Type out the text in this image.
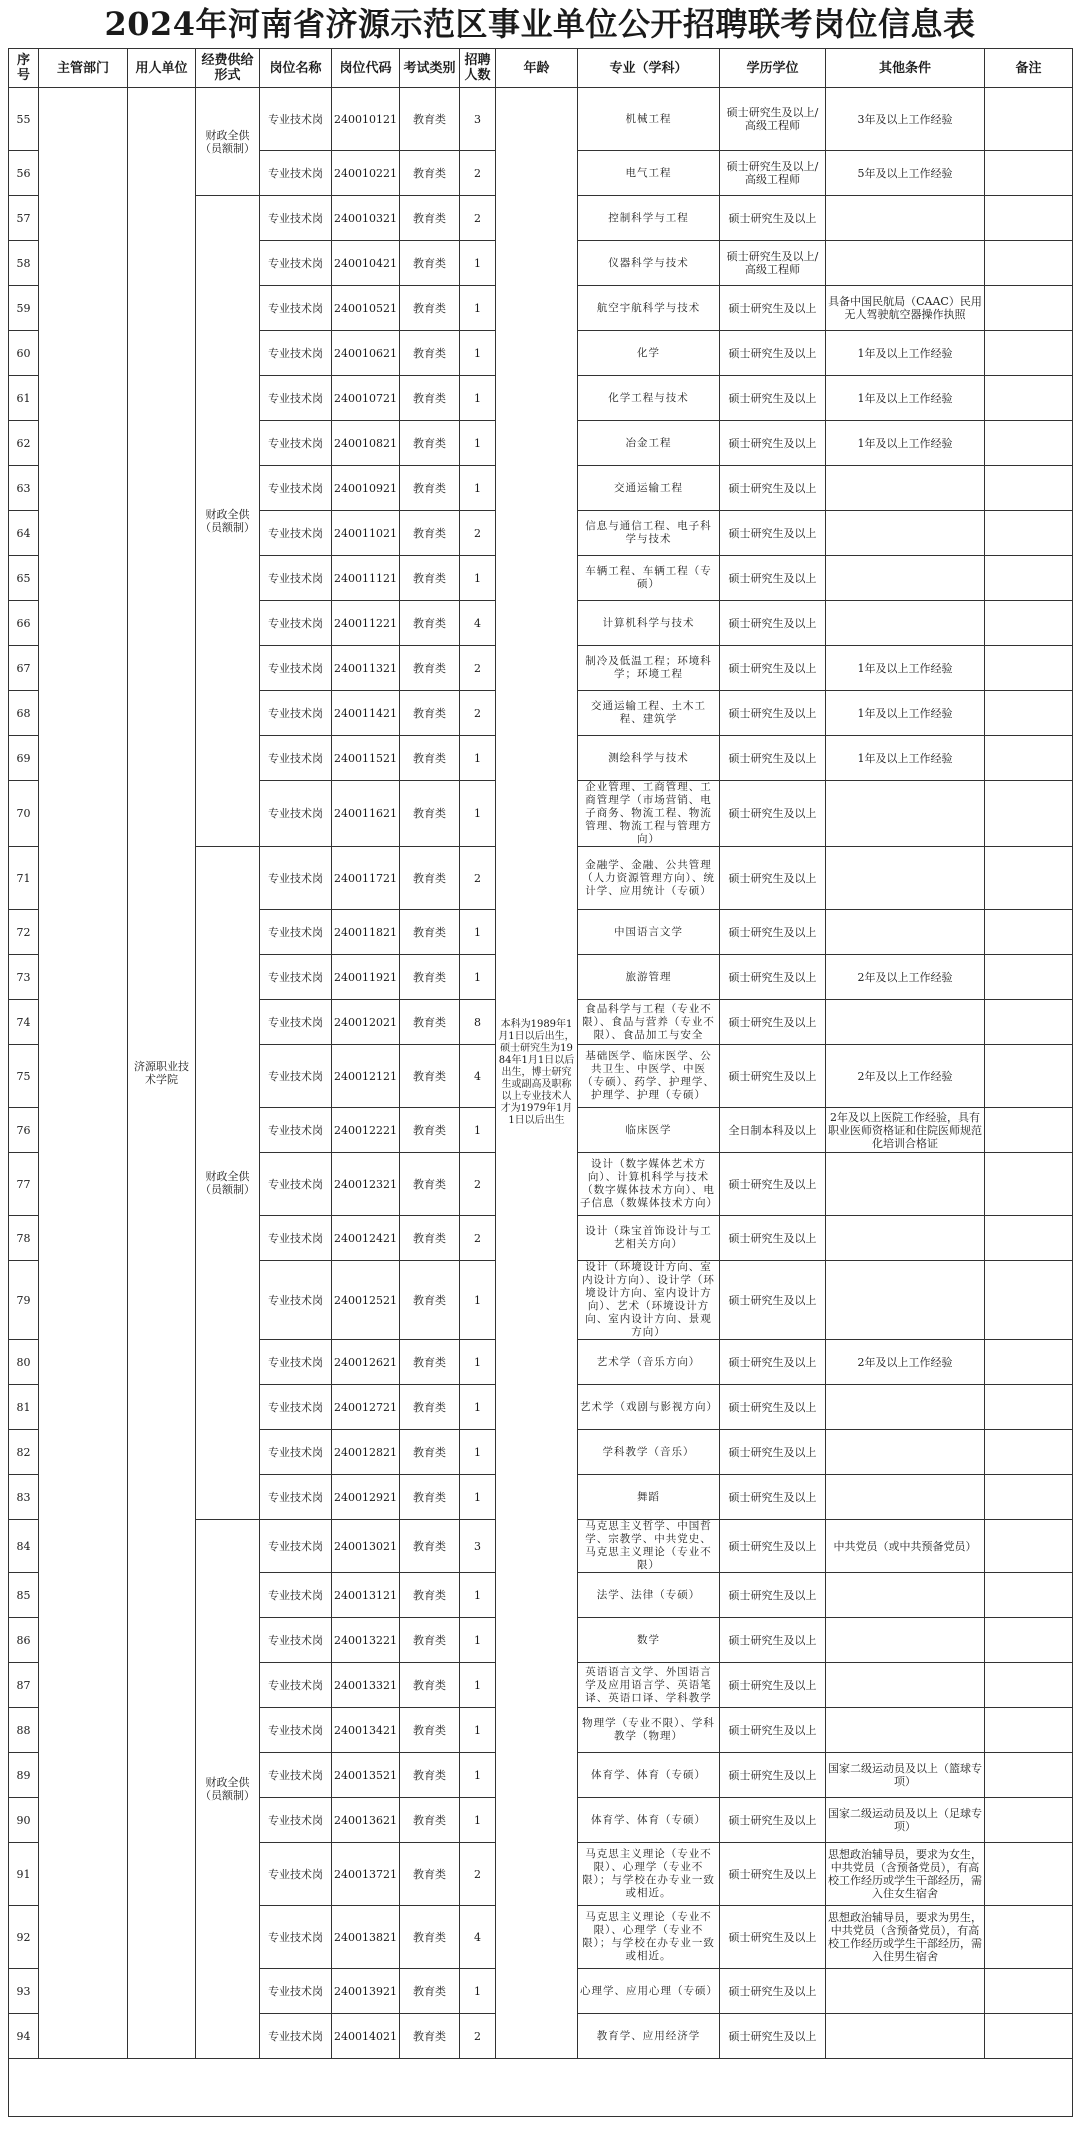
2024年河南省济源示范区事业单位公开招聘联考岗位信息表
序号	主管部门	用人单位	经费供给形式	岗位名称	岗位代码	考试类别	招聘人数	年龄	专业（学科）	学历学位	其他条件	备注
55		济源职业技术学院	财政全供（员额制）	专业技术岗	240010121	教育类	3	本科为1989年1月1日以后出生，硕士研究生为1984年1月1日以后出生，博士研究生或副高及职称以上专业技术人才为1979年1月1日以后出生	机械工程	硕士研究生及以上/高级工程师	3年及以上工作经验	
56				专业技术岗	240010221	教育类	2		电气工程	硕士研究生及以上/高级工程师	5年及以上工作经验	
57			财政全供（员额制）	专业技术岗	240010321	教育类	2		控制科学与工程	硕士研究生及以上		
58				专业技术岗	240010421	教育类	1		仪器科学与技术	硕士研究生及以上/高级工程师		
59				专业技术岗	240010521	教育类	1		航空宇航科学与技术	硕士研究生及以上	具备中国民航局（CAAC）民用无人驾驶航空器操作执照	
60				专业技术岗	240010621	教育类	1		化学	硕士研究生及以上	1年及以上工作经验	
61				专业技术岗	240010721	教育类	1		化学工程与技术	硕士研究生及以上	1年及以上工作经验	
62				专业技术岗	240010821	教育类	1		冶金工程	硕士研究生及以上	1年及以上工作经验	
63				专业技术岗	240010921	教育类	1		交通运输工程	硕士研究生及以上		
64				专业技术岗	240011021	教育类	2		信息与通信工程、电子科学与技术	硕士研究生及以上		
65				专业技术岗	240011121	教育类	1		车辆工程、车辆工程（专硕）	硕士研究生及以上		
66				专业技术岗	240011221	教育类	4		计算机科学与技术	硕士研究生及以上		
67				专业技术岗	240011321	教育类	2		制冷及低温工程；环境科学；环境工程	硕士研究生及以上	1年及以上工作经验	
68				专业技术岗	240011421	教育类	2		交通运输工程、土木工程、建筑学	硕士研究生及以上	1年及以上工作经验	
69				专业技术岗	240011521	教育类	1		测绘科学与技术	硕士研究生及以上	1年及以上工作经验	
70				专业技术岗	240011621	教育类	1		企业管理、工商管理、工商管理学（市场营销、电子商务、物流工程、物流管理、物流工程与管理方向）	硕士研究生及以上		
71			财政全供（员额制）	专业技术岗	240011721	教育类	2		金融学、金融、公共管理（人力资源管理方向）、统计学、应用统计（专硕）	硕士研究生及以上		
72				专业技术岗	240011821	教育类	1		中国语言文学	硕士研究生及以上		
73				专业技术岗	240011921	教育类	1		旅游管理	硕士研究生及以上	2年及以上工作经验	
74				专业技术岗	240012021	教育类	8		食品科学与工程（专业不限）、食品与营养（专业不限）、食品加工与安全	硕士研究生及以上		
75				专业技术岗	240012121	教育类	4		基础医学、临床医学、公共卫生、中医学、中医（专硕）、药学、护理学、护理学、护理（专硕）	硕士研究生及以上	2年及以上工作经验	
76				专业技术岗	240012221	教育类	1		临床医学	全日制本科及以上	2年及以上医院工作经验，具有职业医师资格证和住院医师规范化培训合格证	
77				专业技术岗	240012321	教育类	2		设计（数字媒体艺术方向）、计算机科学与技术（数字媒体技术方向）、电子信息（数媒体技术方向）	硕士研究生及以上		
78				专业技术岗	240012421	教育类	2		设计（珠宝首饰设计与工艺相关方向）	硕士研究生及以上		
79				专业技术岗	240012521	教育类	1		设计（环境设计方向、室内设计方向）、设计学（环境设计方向、室内设计方向）、艺术（环境设计方向、室内设计方向、景观方向）	硕士研究生及以上		
80				专业技术岗	240012621	教育类	1		艺术学（音乐方向）	硕士研究生及以上	2年及以上工作经验	
81				专业技术岗	240012721	教育类	1		艺术学（戏剧与影视方向）	硕士研究生及以上		
82				专业技术岗	240012821	教育类	1		学科教学（音乐）	硕士研究生及以上		
83				专业技术岗	240012921	教育类	1		舞蹈	硕士研究生及以上		
84			财政全供（员额制）	专业技术岗	240013021	教育类	3		马克思主义哲学、中国哲学、宗教学、中共党史、马克思主义理论（专业不限）	硕士研究生及以上	中共党员（或中共预备党员）	
85				专业技术岗	240013121	教育类	1		法学、法律（专硕）	硕士研究生及以上		
86				专业技术岗	240013221	教育类	1		数学	硕士研究生及以上		
87				专业技术岗	240013321	教育类	1		英语语言文学、外国语言学及应用语言学、英语笔译、英语口译、学科教学	硕士研究生及以上		
88				专业技术岗	240013421	教育类	1		物理学（专业不限）、学科教学（物理）	硕士研究生及以上		
89				专业技术岗	240013521	教育类	1		体育学、体育（专硕）	硕士研究生及以上	国家二级运动员及以上（篮球专项）	
90				专业技术岗	240013621	教育类	1		体育学、体育（专硕）	硕士研究生及以上	国家二级运动员及以上（足球专项）	
91				专业技术岗	240013721	教育类	2		马克思主义理论（专业不限）、心理学（专业不限）；与学校在办专业一致或相近。	硕士研究生及以上	思想政治辅导员，要求为女生，中共党员（含预备党员），有高校工作经历或学生干部经历，需入住女生宿舍	
92				专业技术岗	240013821	教育类	4		马克思主义理论（专业不限）、心理学（专业不限）；与学校在办专业一致或相近。	硕士研究生及以上	思想政治辅导员，要求为男生，中共党员（含预备党员），有高校工作经历或学生干部经历，需入住男生宿舍	
93				专业技术岗	240013921	教育类	1		心理学、应用心理（专硕）	硕士研究生及以上		
94				专业技术岗	240014021	教育类	2		教育学、应用经济学	硕士研究生及以上		
